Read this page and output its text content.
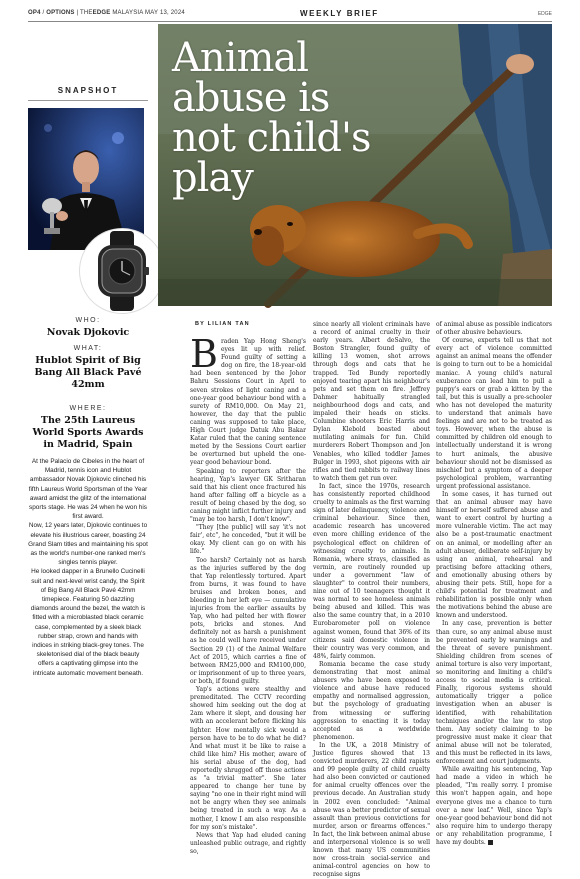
OP4 / OPTIONS | THEEDGE MALAYSIA MAY 13, 2024	WEEKLY BRIEF	EDGE
SNAPSHOT
WHO:
Novak Djokovic
WHAT:
Hublot Spirit of Big Bang All Black Pavé 42mm
WHERE:
The 25th Laureus World Sports Awards in Madrid, Spain

At the Palacio de Cibeles in the heart of Madrid, tennis icon and Hublot ambassador Novak Djokovic clinched his fifth Laureus World Sportsman of the Year award amidst the glitz of the international sports stage. He was 24 when he won his first award.

Now, 12 years later, Djokovic continues to elevate his illustrious career, boasting 24 Grand Slam titles and maintaining his spot as the world's number-one ranked men's singles tennis player.

He looked dapper in a Brunello Cucinelli suit and next-level wrist candy, the Spirit of Big Bang All Black Pavé 42mm timepiece. Featuring 50 dazzling diamonds around the bezel, the watch is fitted with a microblasted black ceramic case, complemented by a sleek black rubber strap, crown and hands with indices in striking black-grey tones. The skeletonised dial of the black beauty offers a captivating glimpse into the intricate automatic movement beneath.

Animal abuse is not child's play
BY LILIAN TAN

Braden Yap Hong Sheng's eyes lit up with relief. Found guilty of setting a dog on fire, the 18-year-old had been sentenced by the Johor Bahru Sessions Court in April to seven strokes of light caning and a one-year good behaviour bond with a surety of RM10,000. On May 21, however, the day that the public caning was supposed to take place, High Court judge Datuk Abu Bakar Katar ruled that the caning sentence meted by the Sessions Court earlier be overturned but upheld the one-year good behaviour bond.

Speaking to reporters after the hearing, Yap's lawyer GK Sritharan said that his client once fractured his hand after falling off a bicycle as a result of being chased by the dog, so caning might inflict further injury and "may be too harsh, I don't know".

"They [the public] will say 'it's not fair', etc", he conceded, "but it will be okay. My client can go on with his life."

Too harsh? Certainly not as harsh as the injuries suffered by the dog that Yap relentlessly tortured. Apart from burns, it was found to have bruises and broken bones, and bleeding in her left eye — cumulative injuries from the earlier assaults by Yap, who had pelted her with flower pots, bricks and stones. And definitely not as harsh a punishment as he could well have received under Section 29 (1) of the Animal Welfare Act of 2015, which carries a fine of between RM25,000 and RM100,000, or imprisonment of up to three years, or both, if found guilty.

Yap's actions were stealthy and premeditated. The CCTV recording showed him seeking out the dog at 2am where it slept, and dousing her with an accelerant before flicking his lighter. How mentally sick would a person have to be to do what he did? And what must it be like to raise a child like him? His mother, aware of his serial abuse of the dog, had reportedly shrugged off those actions as "a trivial matter". She later appeared to change her tune by saying "no one in their right mind will not be angry when they see animals being treated in such a way. As a mother, I know I am also responsible for my son's mistake".

News that Yap had eluded caning unleashed public outrage, and rightly so,

since nearly all violent criminals have a record of animal cruelty in their early years. Albert deSalvo, the Boston Strangler, found guilty of killing 13 women, shot arrows through dogs and cats that he trapped. Ted Bundy reportedly enjoyed tearing apart his neighbour's pets and set them on fire. Jeffrey Dahmer habitually strangled neighbourhood dogs and cats, and impaled their heads on sticks. Columbine shooters Eric Harris and Dylan Klebold boasted about mutilating animals for fun. Child murderers Robert Thompson and Jon Venables, who killed toddler James Bulger in 1993, shot pigeons with air rifles and tied rabbits to railway lines to watch them get run over.

In fact, since the 1970s, research has consistently reported childhood cruelty to animals as the first warning sign of later delinquency, violence and criminal behaviour. Since then, academic research has uncovered even more chilling evidence of the psychological effect on children of witnessing cruelty to animals. In Romania, where strays, classified as vermin, are routinely rounded up under a government "law of slaughter" to control their numbers, nine out of 10 teenagers thought it was normal to see homeless animals being abused and killed. This was also the same country that, in a 2010 Eurobarometer poll on violence against women, found that 36% of its citizens said domestic violence in their country was very common, and 48%, fairly common.

Romania became the case study demonstrating that most animal abusers who have been exposed to violence and abuse have reduced empathy and normalised aggression, but the psychology of graduating from witnessing or suffering aggression to enacting it is today accepted as a worldwide phenomenon.

In the UK, a 2018 Ministry of Justice figures showed that 13 convicted murderers, 22 child rapists and 99 people guilty of child cruelty had also been convicted or cautioned for animal cruelty offences over the previous decade. An Australian study in 2002 even concluded: "Animal abuse was a better predictor of sexual assault than previous convictions for murder, arson or firearms offences." In fact, the link between animal abuse and interpersonal violence is so well known that many US communities now cross-train social-service and animal-control agencies on how to recognise signs

of animal abuse as possible indicators of other abusive behaviours.

Of course, experts tell us that not every act of violence committed against an animal means the offender is going to turn out to be a homicidal maniac. A young child's natural exuberance can lead him to pull a puppy's ears or grab a kitten by the tail, but this is usually a pre-schooler who has not developed the maturity to understand that animals have feelings and are not to be treated as toys. However, when the abuse is committed by children old enough to intellectually understand it is wrong to hurt animals, the abusive behaviour should not be dismissed as mischief but a symptom of a deeper psychological problem, warranting urgent professional assistance.

In some cases, it has turned out that an animal abuser may have himself or herself suffered abuse and want to exert control by hurting a more vulnerable victim. The act may also be a post-traumatic enactment on an animal, or modelling after an adult abuser, deliberate self-injury by using an animal, rehearsal and practising before attacking others, and emotionally abusing others by abusing their pets. Still, hope for a child's potential for treatment and rehabilitation is possible only when the motivations behind the abuse are known and understood.

In any case, prevention is better than cure, so any animal abuse must be prevented early by warnings and the threat of severe punishment. Shielding children from scenes of animal torture is also very important, so monitoring and limiting a child's access to social media is critical. Finally, rigorous systems should automatically trigger a police investigation when an abuser is identified, with rehabilitation techniques and/or the law to stop them. Any society claiming to be progressive must make it clear that animal abuse will not be tolerated, and this must be reflected in its laws, enforcement and court judgments.

While awaiting his sentencing, Yap had made a video in which he pleaded, "I'm really sorry. I promise this won't happen again, and hope everyone gives me a chance to turn over a new leaf." Well, since Yap's one-year good behaviour bond did not also require him to undergo therapy or any rehabilitation programme, I have my doubts.
